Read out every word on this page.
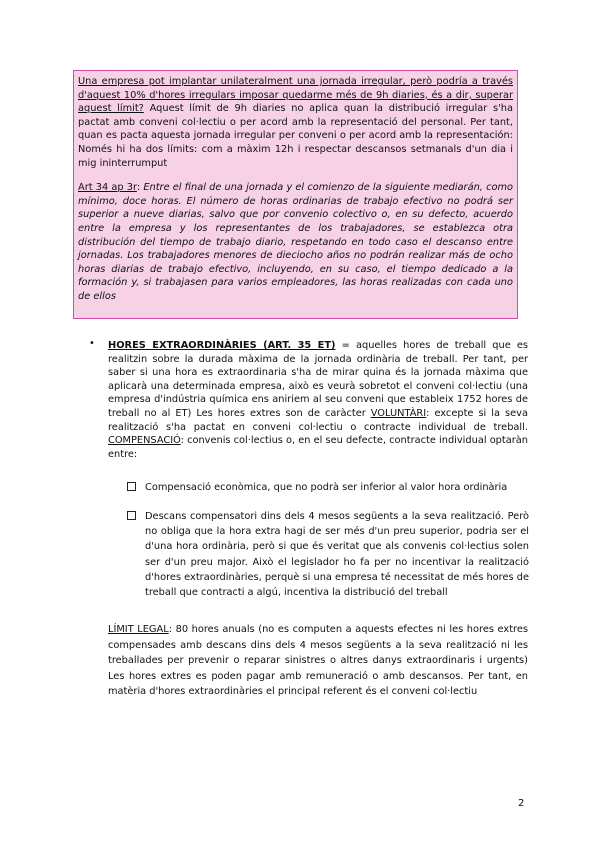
Una empresa pot implantar unilateralment una jornada irregular, però podría a través d'aquest 10% d'hores irregulars imposar quedarme més de 9h diaries, és a dir, superar aquest límit? Aquest límit de 9h diaries no aplica quan la distribució irregular s'ha pactat amb conveni col·lectiu o per acord amb la representació del personal. Per tant, quan es pacta aquesta jornada irregular per conveni o per acord amb la representación: Només hi ha dos límits: com a màxim 12h i respectar descansos setmanals d'un dia i mig ininterrumput

Art 34 ap 3r: Entre el final de una jornada y el comienzo de la siguiente mediarán, como mínimo, doce horas. El número de horas ordinarias de trabajo efectivo no podrá ser superior a nueve diarias, salvo que por convenio colectivo o, en su defecto, acuerdo entre la empresa y los representantes de los trabajadores, se establezca otra distribución del tiempo de trabajo diario, respetando en todo caso el descanso entre jornadas. Los trabajadores menores de dieciocho años no podrán realizar más de ocho horas diarias de trabajo efectivo, incluyendo, en su caso, el tiempo dedicado a la formación y, si trabajasen para varios empleadores, las horas realizadas con cada uno de ellos

• HORES EXTRAORDINÀRIES (ART. 35 ET) = aquelles hores de treball que es realitzin sobre la durada màxima de la jornada ordinària de treball. Per tant, per saber si una hora es extraordinaria s'ha de mirar quina és la jornada màxima que aplicarà una determinada empresa, això es veurà sobretot el conveni col·lectiu (una empresa d'indústria química ens aniriem al seu conveni que estableix 1752 hores de treball no al ET) Les hores extres son de caràcter VOLUNTÀRI: excepte si la seva realització s'ha pactat en conveni col·lectiu o contracte individual de treball. COMPENSACIÓ: convenis col·lectius o, en el seu defecte, contracte individual optaràn entre:
Compensació econòmica, que no podrà ser inferior al valor hora ordinària
Descans compensatori dins dels 4 mesos següents a la seva realització. Però no obliga que la hora extra hagi de ser més d'un preu superior, podria ser el d'una hora ordinària, però si que és veritat que als convenis col·lectius solen ser d'un preu major. Això el legislador ho fa per no incentivar la realització d'hores extraordinàries, perquè si una empresa té necessitat de més hores de treball que contracti a algú, incentiva la distribució del treball
LÍMIT LEGAL: 80 hores anuals (no es computen a aquests efectes ni les hores extres compensades amb descans dins dels 4 mesos següents a la seva realització ni les treballades per prevenir o reparar sinistres o altres danys extraordinaris i urgents) Les hores extres es poden pagar amb remuneració o amb descansos. Per tant, en matèria d'hores extraordinàries el principal referent és el conveni col·lectiu
2
